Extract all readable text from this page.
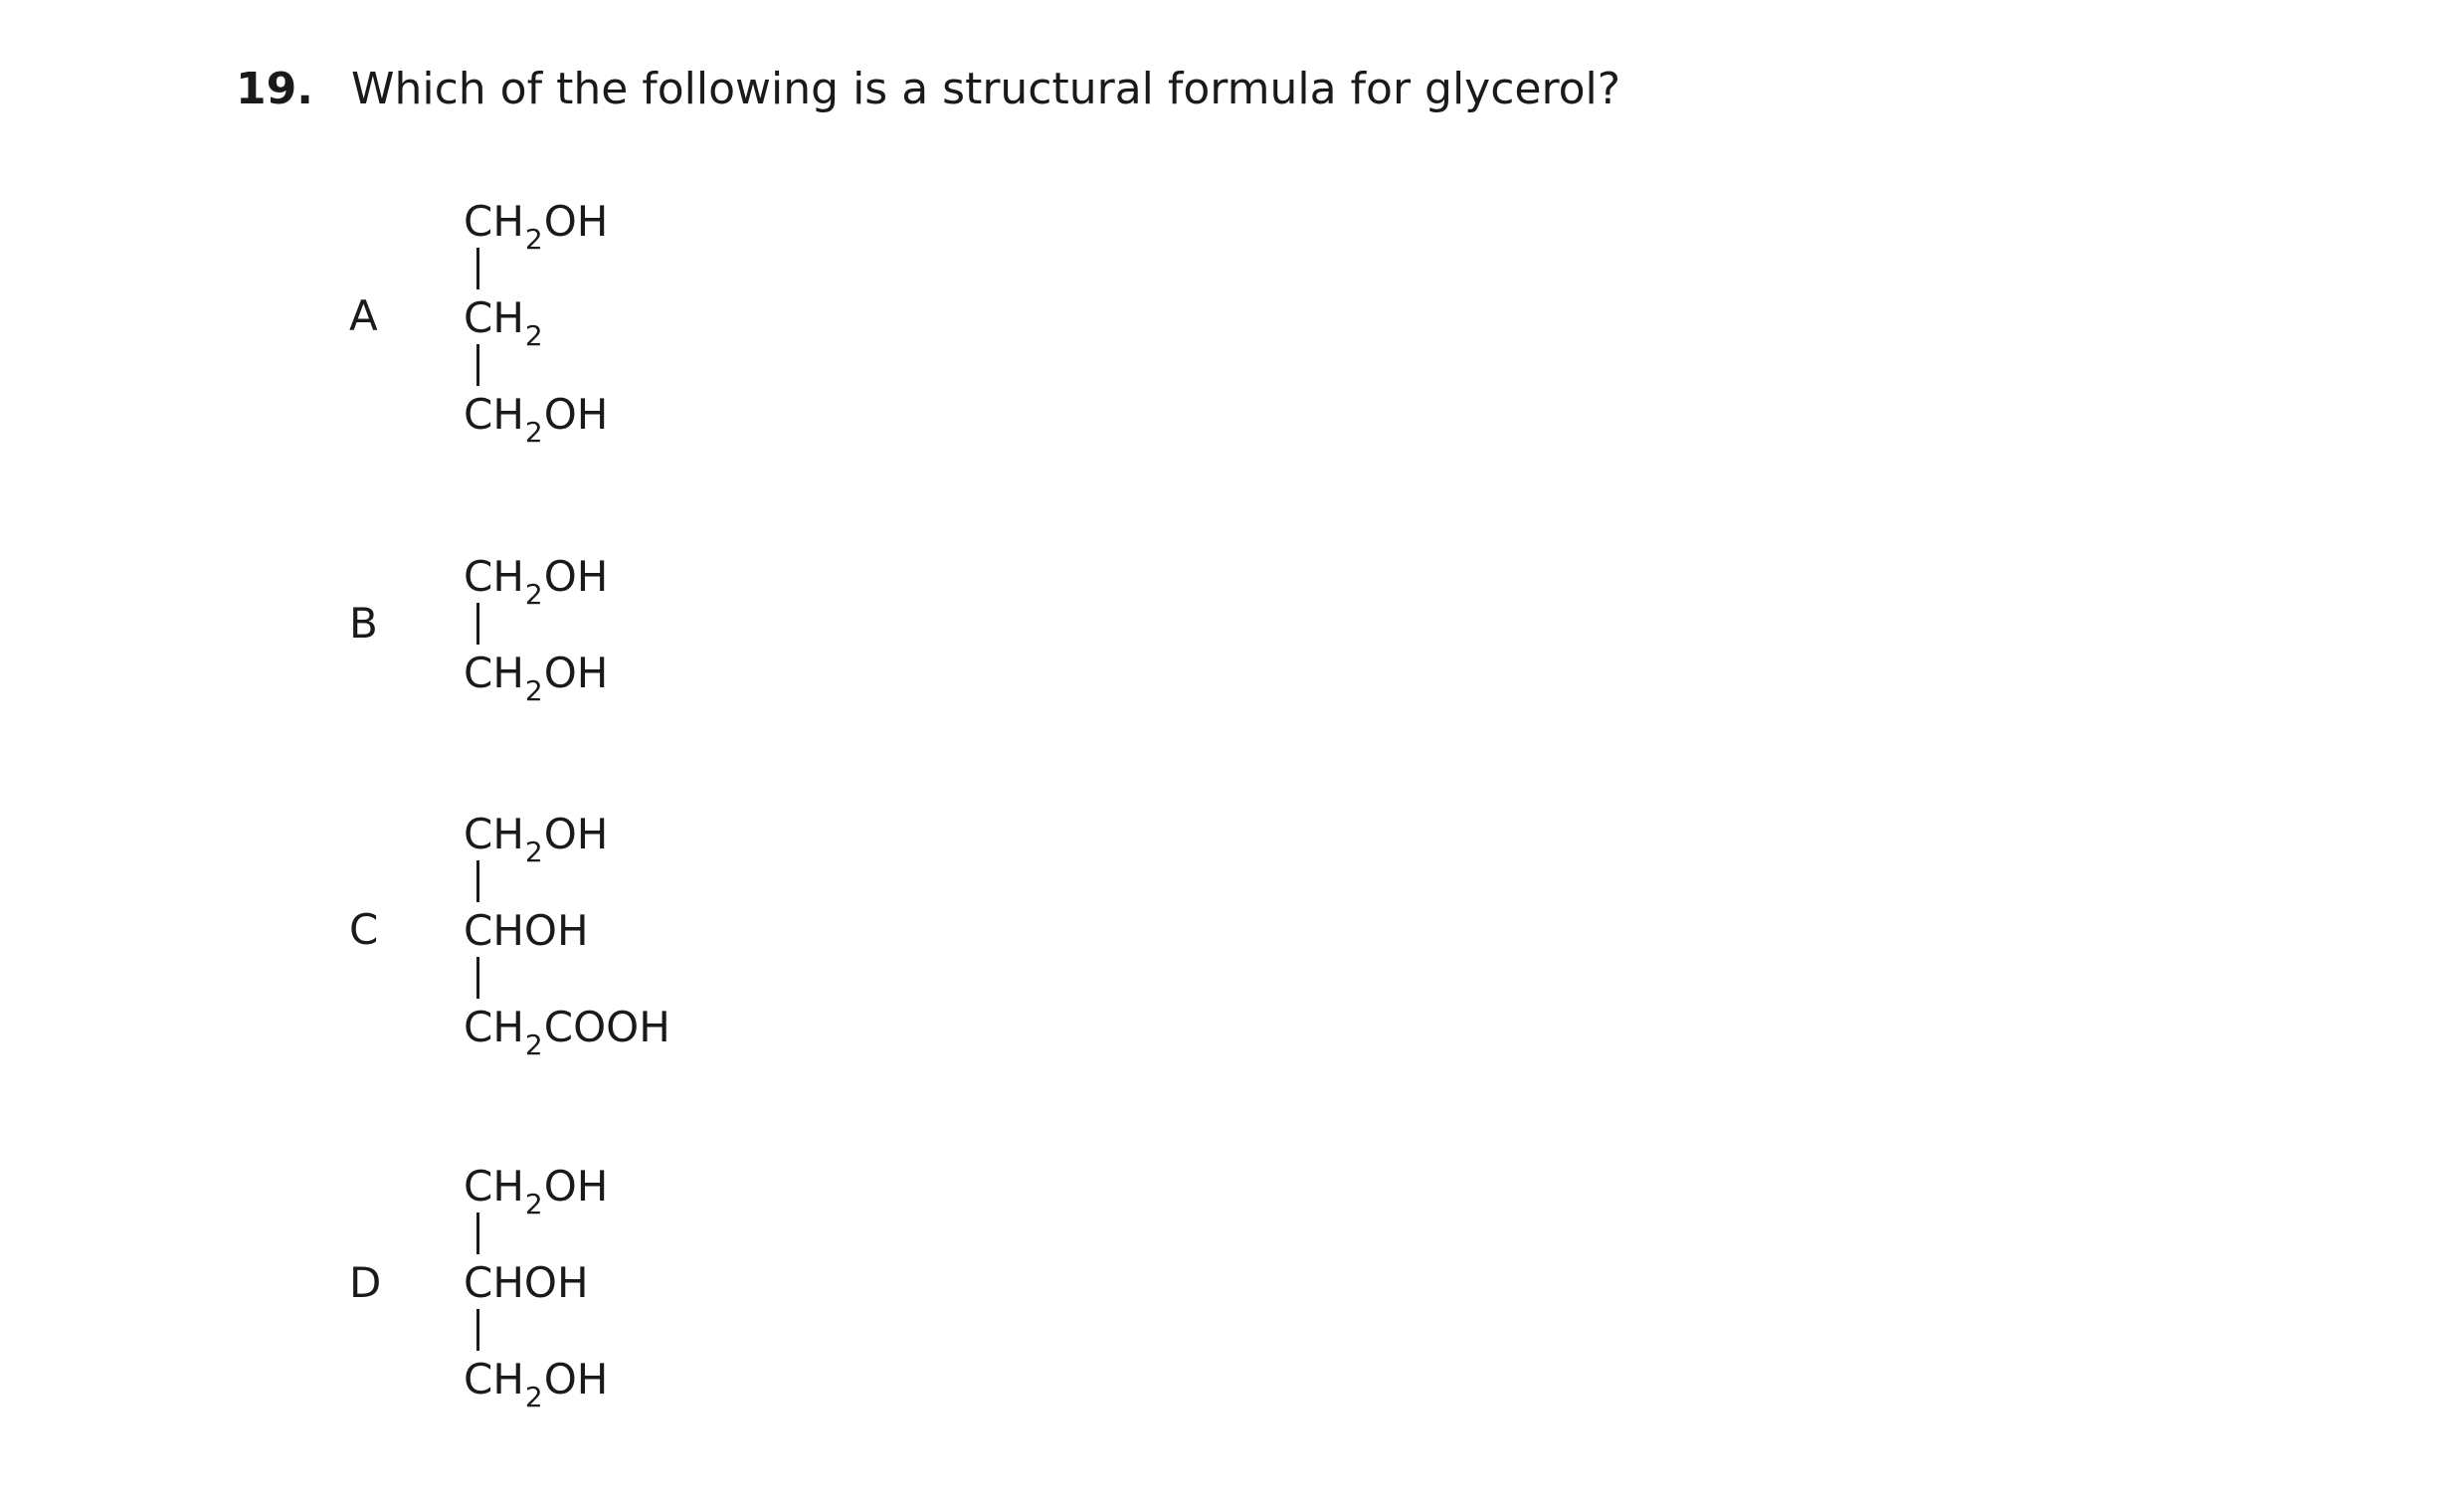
19. Which of the following is a structural formula for glycerol?
A
$CH_2OH$
$CH_2$
$CH_2OH$
B
$CH_2OH$
$CH_2OH$
C
$CH_2OH$
CHOH
$CH_2COOH$
D
$CH_2OH$
CHOH
$CH_2OH$
